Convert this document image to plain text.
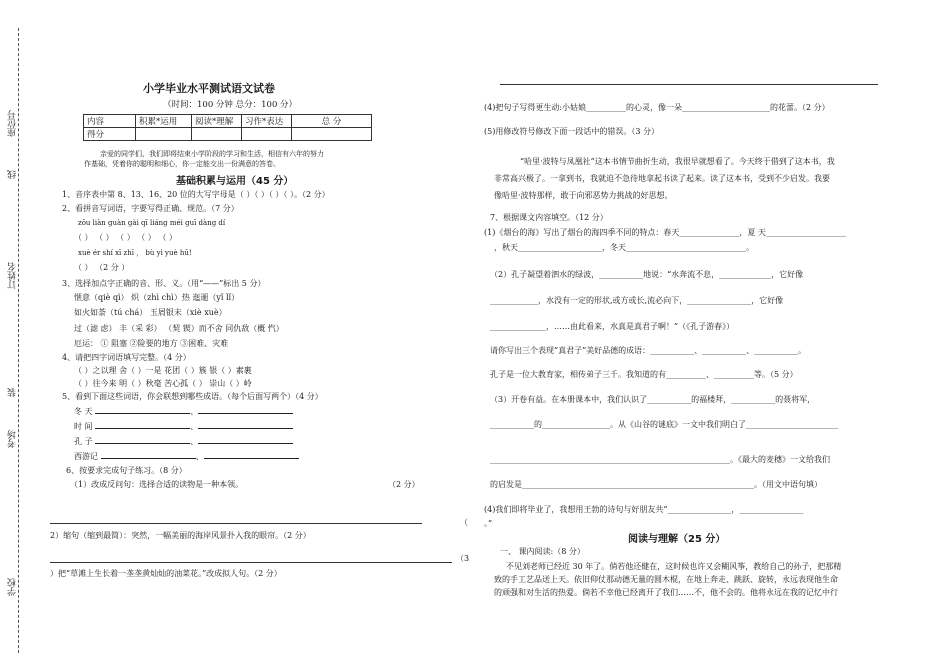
座位号
线
订姓名
装
考场
学校
小学毕业水平测试语文试卷
（时间：100 分钟 总分：100 分）
内容	积累*运用	阅读*理解	习作*表达	总 分
得分				
亲爱的同学们，我们即将结束小学阶段的学习和生活，相信有六年的努力
作基础，凭着你的聪明和细心，你一定能交出一份满意的答卷。
基础积累与运用（45 分）
1、音序表中第 8、13、16、20 位的大写字母是（ ）（ ）（ ）（ ）。（2 分）
2、看拼音写词语，字要写得正确、规范。（7 分）
zōu liàn guàn gài qī liáng méi guī dàng dí
（ ） （ ） （ ） （ ） （ ）
xuè ér shí xī zhī ， bù yì yuè hū!
（ ） （2 分 ）
3、选择加点字正确的音、形、义。（用“——”标出 5 分）
惬意（qiè qì） 炽（zhì chì）热 迤逦（yǐ lǐ）
如火如荼（tú chá） 玉屑银末（xiè xuè）
过（滤 虑） 丰（采 彩） （契 锲）而不舍 同仇敌（概 忾）
厄运： ① 阻塞 ②险要的地方 ③困难、灾难
4、请把四字词语填写完整。（4 分）
（ ）之以理 舍（ ）一是 花团（ ）簇 银（ ）素裹
（ ）往今来 明（ ）秋毫 苦心孤（ ） 崇山（ ）岭
5、看到下面这些词语，你会联想到哪些成语。（每个后面写两个）（4 分）
冬 天	、
时 间	、
孔 子	、
西游记	、
6、按要求完成句子练习。（8 分）
（1）改成反问句：选择合适的读物是一种本领。	（2 分）
（
2）缩句（缩到最简）：突然，一幅美丽的海岸风景扑入我的眼帘。（2 分）
（3
）把“草滩上生长着一垄垄黄灿灿的油菜花。”改成拟人句。（2 分）
(4)把句子写得更生动:小姑娘__________的心灵，像一朵______________________的花蕾。（2 分）
(5)用修改符号修改下面一段话中的错误。（3 分）
“哈里·波特与凤凰社”这本书情节曲折生动，我很早就想看了。今天终于借到了这本书，我
非常高兴极了。一拿到书，我就迫不急待地拿起书读了起来。读了这本书，受到不少启发。我要
像哈里·波特那样，敢于向邪恶势力挑战的好思想。
7、根据课文内容填空。（12 分）
(1)《烟台的海》写出了烟台的海四季不同的特点：春天_______________，夏 天____________________
，秋天_____________________，冬天______________________________。
（2）孔子凝望着泗水的绿波，___________地说：“水奔流不息，_____________，它好像
____________，水没有一定的形状,或方或长,流必向下，________________，它好像
______________，……由此看来，水真是真君子啊！”（《孔子游春》）
请你写出三个表现“真君子”美好品德的成语：___________、___________、___________。
孔子是一位大教育家，相传弟子三千。我知道的有__________、__________等。（5 分）
（3）开卷有益。在本册课本中，我们认识了___________的福楼拜，___________的聂将军，
___________的_________________。从《山谷的谜底》一文中我们明白了_______________________
____________________________________________________________。《最大的麦穗》一文给我们
的启发是__________________________________________________________。（用文中语句填）
(4)我们即将毕业了，我想用王勃的诗句与好朋友共“________________，________________
。”
阅读与理解（25 分）
一、 课内阅读:（8 分）
不见刘老师已经近 30 年了。倘若他还健在，这时候也许又会糊风筝，教给自己的孙子，把那精
致的手工艺品送上天。依旧仰仗那动德无量的圆木棍，在地上奔走、跳跃、旋转，永远表现他生命
的顽强和对生活的热爱。倘若不幸他已经离开了我们……不，他不会的。他将永远在我的记忆中行
